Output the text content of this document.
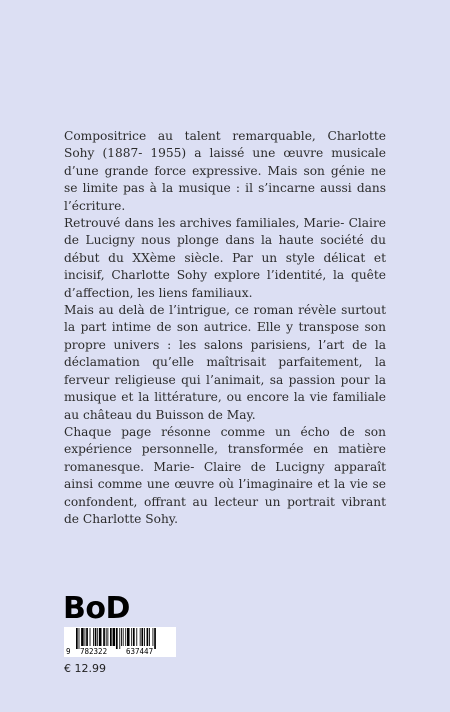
Compositrice au talent remarquable, Charlotte Sohy (1887- 1955) a laissé une œuvre musicale d’une grande force expressive. Mais son génie ne se limite pas à la musique : il s’incarne aussi dans l’écriture.

Retrouvé dans les archives familiales, Marie- Claire de Lucigny nous plonge dans la haute société du début du XXème siècle. Par un style délicat et incisif, Charlotte Sohy explore l’identité, la quête d’affection, les liens familiaux.

Mais au delà de l’intrigue, ce roman révèle surtout la part intime de son autrice. Elle y transpose son propre univers : les salons parisiens, l’art de la déclamation qu’elle maîtrisait parfaitement, la ferveur religieuse qui l’animait, sa passion pour la musique et la littérature, ou encore la vie familiale au château du Buisson de May.

Chaque page résonne comme un écho de son expérience personnelle, transformée en matière romanesque. Marie- Claire de Lucigny apparaît ainsi comme une œuvre où l’imaginaire et la vie se confondent, offrant au lecteur un portrait vibrant de Charlotte Sohy.

BoD
9 782322	637447
€ 12.99
